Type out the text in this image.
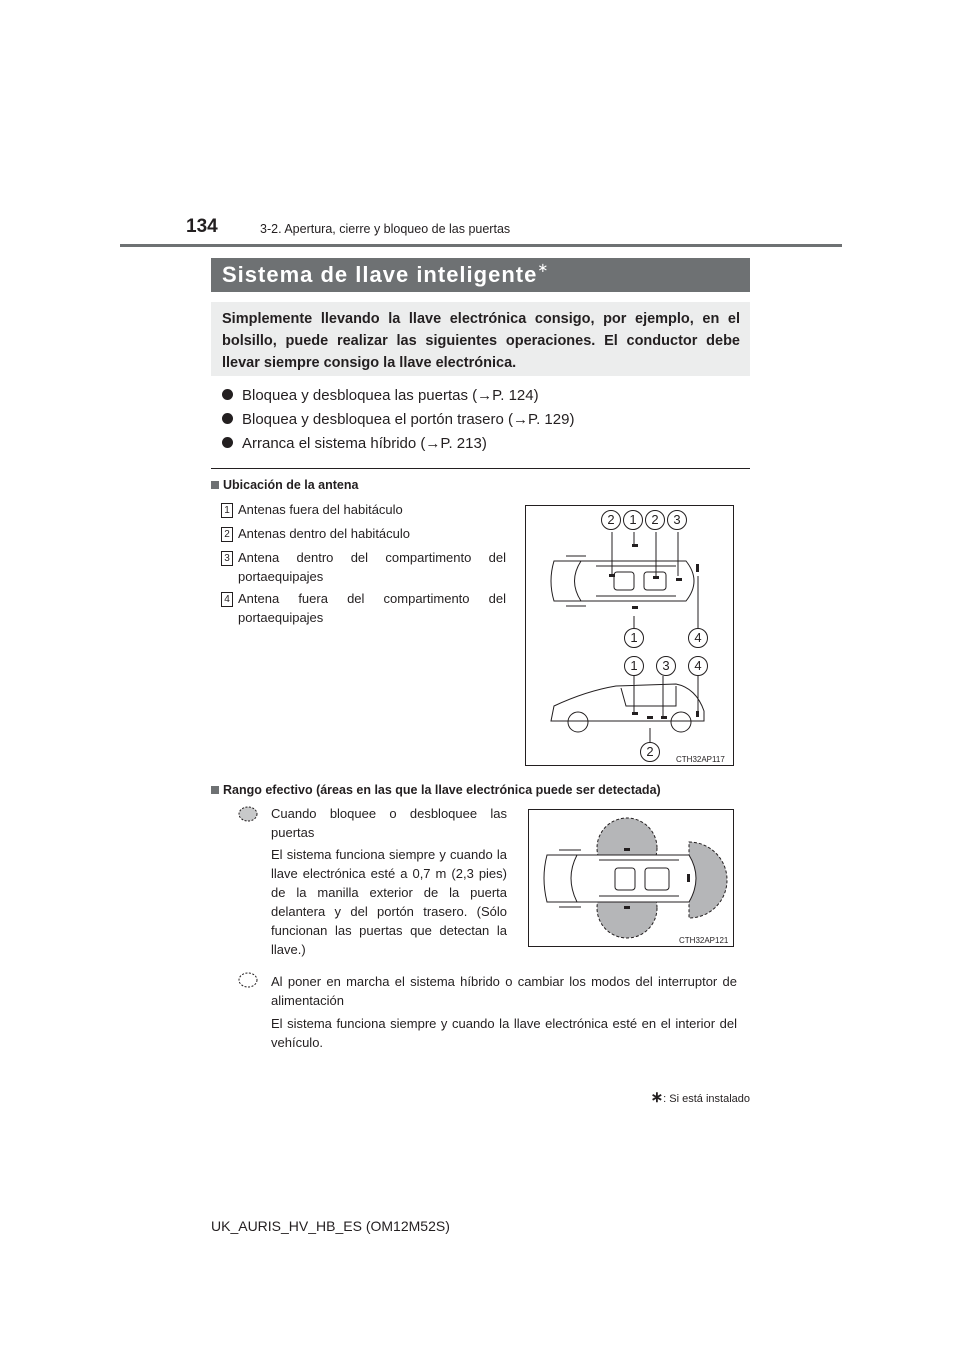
134	3-2. Apertura, cierre y bloqueo de las puertas
Sistema de llave inteligente∗
Simplemente llevando la llave electrónica consigo, por ejemplo, en el bolsillo, puede realizar las siguientes operaciones. El conductor debe llevar siempre consigo la llave electrónica.
Bloquea y desbloquea las puertas (→P. 124)
Bloquea y desbloquea el portón trasero (→P. 129)
Arranca el sistema híbrido (→P. 213)
Ubicación de la antena
1 Antenas fuera del habitáculo
2 Antenas dentro del habitáculo
3 Antena dentro del compartimento del portaequipajes
4 Antena fuera del compartimento del portaequipajes
2 1 2 3
1	4
1	3	4
2
CTH32AP117
Rango efectivo (áreas en las que la llave electrónica puede ser detectada)
Cuando bloquee o desbloquee las puertas
El sistema funciona siempre y cuando la llave electrónica esté a 0,7 m (2,3 pies) de la manilla exterior de la puerta delantera y del portón trasero. (Sólo funcionan las puertas que detectan la llave.)
CTH32AP121
Al poner en marcha el sistema híbrido o cambiar los modos del interruptor de alimentación
El sistema funciona siempre y cuando la llave electrónica esté en el interior del vehículo.
∗: Si está instalado
UK_AURIS_HV_HB_ES (OM12M52S)
